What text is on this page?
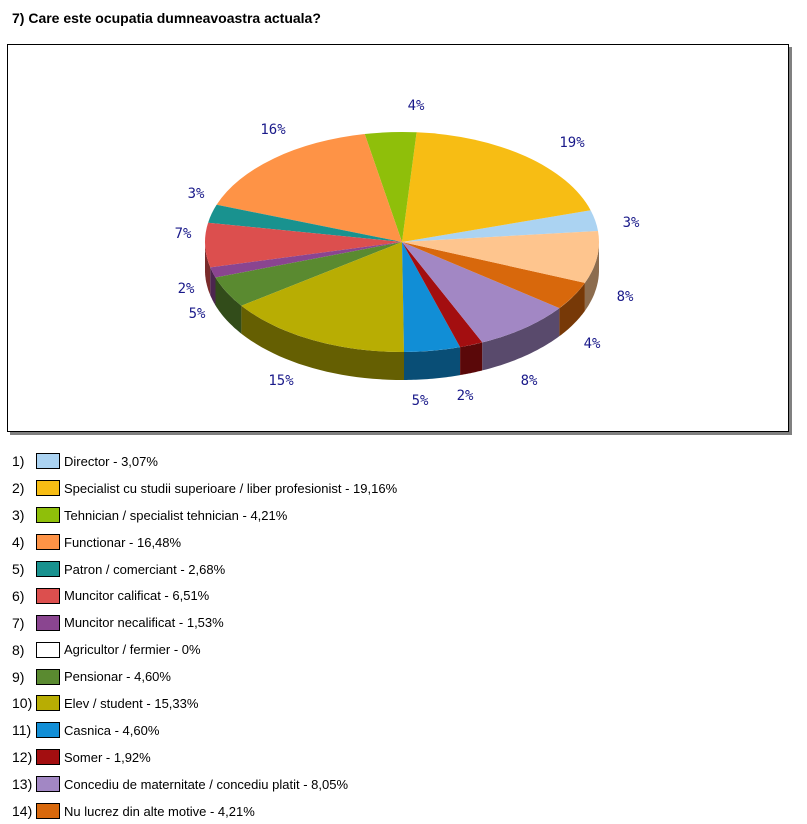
7) Care este ocupatia dumneavoastra actuala?
3%
19%
4%
16%
3%
7%
2%
5%
15%
5% 2%
8%
4%
8%
1)	Director - 3,07%
2)	Specialist cu studii superioare / liber profesionist - 19,16%
3)	Tehnician / specialist tehnician - 4,21%
4)	Functionar - 16,48%
5)	Patron / comerciant - 2,68%
6)	Muncitor calificat - 6,51%
7)	Muncitor necalificat - 1,53%
8)	Agricultor / fermier - 0%
9)	Pensionar - 4,60%
10) Elev / student - 15,33%
11)	Casnica - 4,60%
12) Somer - 1,92%
13) Concediu de maternitate / concediu platit - 8,05%
14) Nu lucrez din alte motive - 4,21%
